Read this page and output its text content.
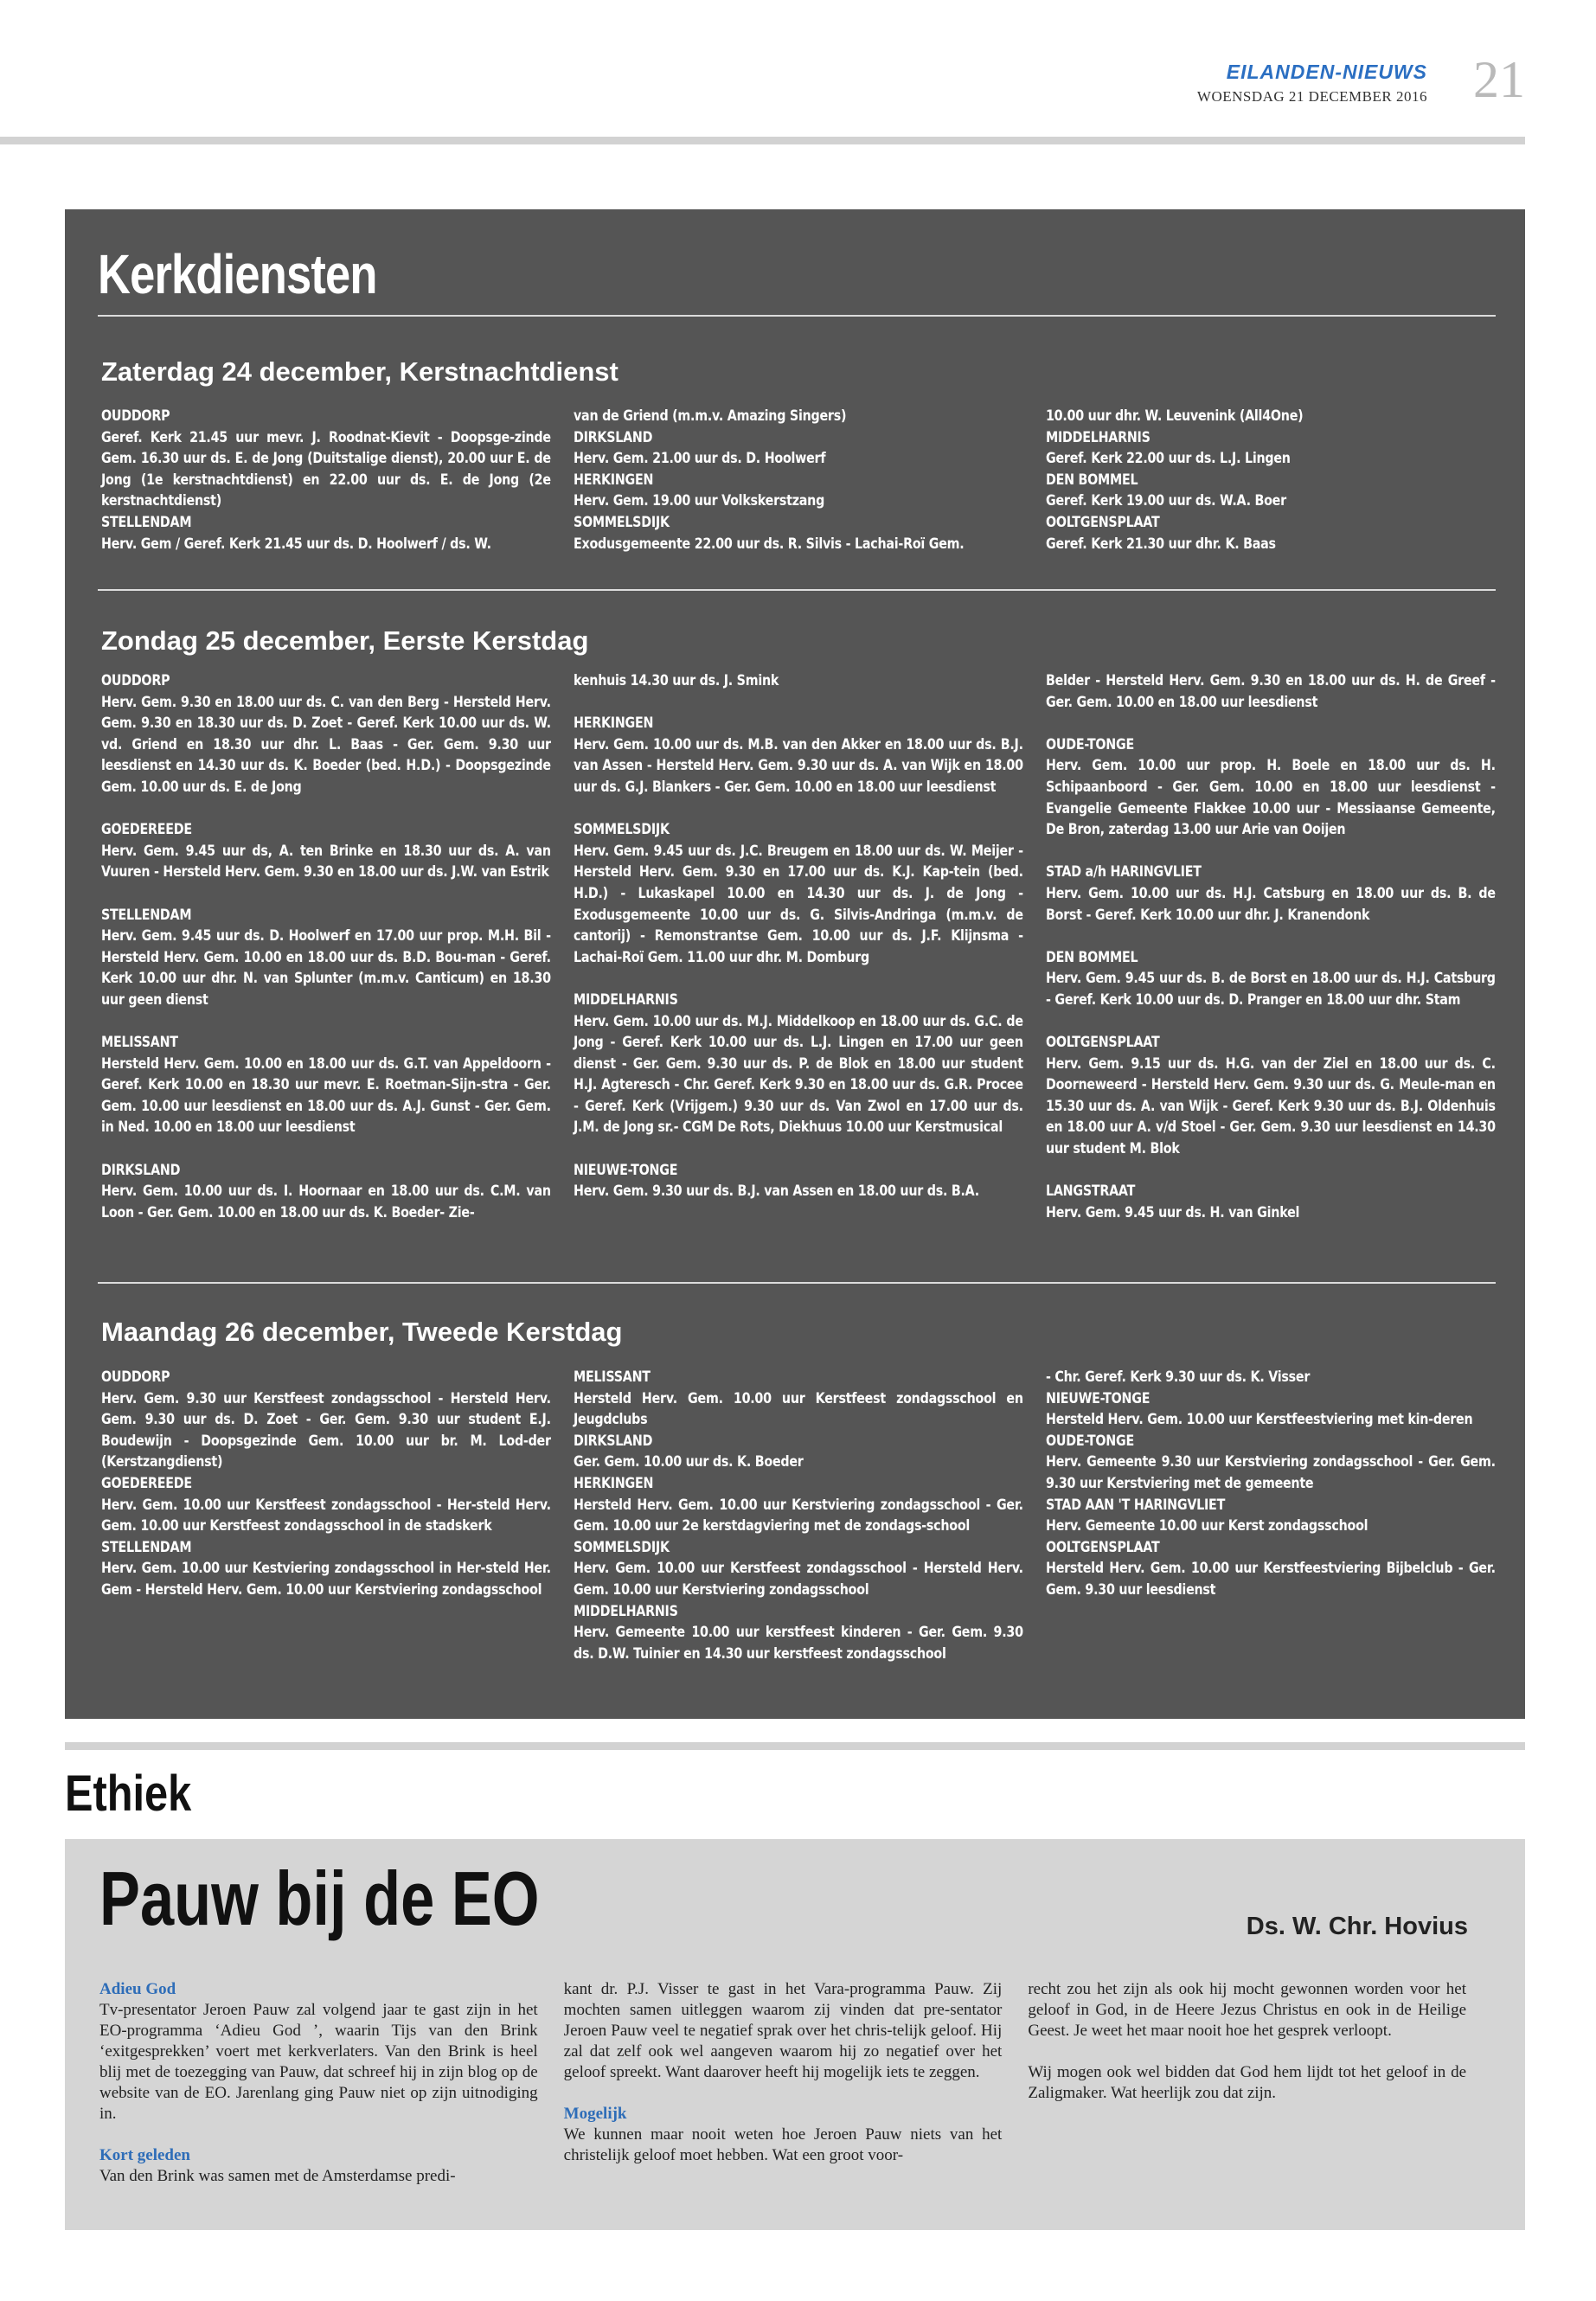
EILANDEN-NIEUWS
WOENSDAG 21 DECEMBER 2016 21
Kerkdiensten
Zaterdag 24 december, Kerstnachtdienst
OUDDORP
Geref. Kerk 21.45 uur mevr. J. Roodnat-Kievit - Doopsge-zinde Gem. 16.30 uur ds. E. de Jong (Duitstalige dienst), 20.00 uur E. de Jong (1e kerstnachtdienst) en 22.00 uur ds. E. de Jong (2e kerstnachtdienst)
STELLENDAM
Herv. Gem / Geref. Kerk 21.45 uur ds. D. Hoolwerf / ds. W.
van de Griend (m.m.v. Amazing Singers)
DIRKSLAND
Herv. Gem. 21.00 uur ds. D. Hoolwerf
HERKINGEN
Herv. Gem. 19.00 uur Volkskerstzang
SOMMELSDIJK
Exodusgemeente 22.00 uur ds. R. Silvis - Lachai-Roï Gem.
10.00 uur dhr. W. Leuvenink (All4One)
MIDDELHARNIS
Geref. Kerk 22.00 uur ds. L.J. Lingen
DEN BOMMEL
Geref. Kerk 19.00 uur ds. W.A. Boer
OOLTGENSPLAAT
Geref. Kerk 21.30 uur dhr. K. Baas
Zondag 25 december, Eerste Kerstdag
OUDDORP
Herv. Gem. 9.30 en 18.00 uur ds. C. van den Berg - Hersteld Herv. Gem. 9.30 en 18.30 uur ds. D. Zoet - Geref. Kerk 10.00 uur ds. W. vd. Griend en 18.30 uur dhr. L. Baas - Ger. Gem. 9.30 uur leesdienst en 14.30 uur ds. K. Boeder (bed. H.D.) - Doopsgezinde Gem. 10.00 uur ds. E. de Jong

GOEDEREEDE
Herv. Gem. 9.45 uur ds, A. ten Brinke en 18.30 uur ds. A. van Vuuren - Hersteld Herv. Gem. 9.30 en 18.00 uur ds. J.W. van Estrik

STELLENDAM
Herv. Gem. 9.45 uur ds. D. Hoolwerf en 17.00 uur prop. M.H. Bil - Hersteld Herv. Gem. 10.00 en 18.00 uur ds. B.D. Bou-man - Geref. Kerk 10.00 uur dhr. N. van Splunter (m.m.v. Canticum) en 18.30 uur geen dienst

MELISSANT
Hersteld Herv. Gem. 10.00 en 18.00 uur ds. G.T. van Appeldoorn - Geref. Kerk 10.00 en 18.30 uur mevr. E. Roetman-Sijn-stra - Ger. Gem. 10.00 uur leesdienst en 18.00 uur ds. A.J. Gunst - Ger. Gem. in Ned. 10.00 en 18.00 uur leesdienst

DIRKSLAND
Herv. Gem. 10.00 uur ds. I. Hoornaar en 18.00 uur ds. C.M. van Loon - Ger. Gem. 10.00 en 18.00 uur ds. K. Boeder- Zie-
kenhuis 14.30 uur ds. J. Smink

HERKINGEN
Herv. Gem. 10.00 uur ds. M.B. van den Akker en 18.00 uur ds. B.J. van Assen - Hersteld Herv. Gem. 9.30 uur ds. A. van Wijk en 18.00 uur ds. G.J. Blankers - Ger. Gem. 10.00 en 18.00 uur leesdienst

SOMMELSDIJK
Herv. Gem. 9.45 uur ds. J.C. Breugem en 18.00 uur ds. W. Meijer - Hersteld Herv. Gem. 9.30 en 17.00 uur ds. K.J. Kap-tein (bed. H.D.) - Lukaskapel 10.00 en 14.30 uur ds. J. de Jong - Exodusgemeente 10.00 uur ds. G. Silvis-Andringa (m.m.v. de cantorij) - Remonstrantse Gem. 10.00 uur ds. J.F. Klijnsma - Lachai-Roï Gem. 11.00 uur dhr. M. Domburg

MIDDELHARNIS
Herv. Gem. 10.00 uur ds. M.J. Middelkoop en 18.00 uur ds. G.C. de Jong - Geref. Kerk 10.00 uur ds. L.J. Lingen en 17.00 uur geen dienst - Ger. Gem. 9.30 uur ds. P. de Blok en 18.00 uur student H.J. Agteresch - Chr. Geref. Kerk 9.30 en 18.00 uur ds. G.R. Procee - Geref. Kerk (Vrijgem.) 9.30 uur ds. Van Zwol en 17.00 uur ds. J.M. de Jong sr.- CGM De Rots, Diekhuus 10.00 uur Kerstmusical

NIEUWE-TONGE
Herv. Gem. 9.30 uur ds. B.J. van Assen en 18.00 uur ds. B.A.
Belder - Hersteld Herv. Gem. 9.30 en 18.00 uur ds. H. de Greef - Ger. Gem. 10.00 en 18.00 uur leesdienst

OUDE-TONGE
Herv. Gem. 10.00 uur prop. H. Boele en 18.00 uur ds. H. Schipaanboord - Ger. Gem. 10.00 en 18.00 uur leesdienst - Evangelie Gemeente Flakkee 10.00 uur - Messiaanse Gemeente, De Bron, zaterdag 13.00 uur Arie van Ooijen

STAD a/h HARINGVLIET
Herv. Gem. 10.00 uur ds. H.J. Catsburg en 18.00 uur ds. B. de Borst - Geref. Kerk 10.00 uur dhr. J. Kranendonk

DEN BOMMEL
Herv. Gem. 9.45 uur ds. B. de Borst en 18.00 uur ds. H.J. Catsburg - Geref. Kerk 10.00 uur ds. D. Pranger en 18.00 uur dhr. Stam

OOLTGENSPLAAT
Herv. Gem. 9.15 uur ds. H.G. van der Ziel en 18.00 uur ds. C. Doorneweerd - Hersteld Herv. Gem. 9.30 uur ds. G. Meule-man en 15.30 uur ds. A. van Wijk - Geref. Kerk 9.30 uur ds. B.J. Oldenhuis en 18.00 uur A. v/d Stoel - Ger. Gem. 9.30 uur leesdienst en 14.30 uur student M. Blok

LANGSTRAAT
Herv. Gem. 9.45 uur ds. H. van Ginkel
Maandag 26 december, Tweede Kerstdag
OUDDORP
Herv. Gem. 9.30 uur Kerstfeest zondagsschool - Hersteld Herv. Gem. 9.30 uur ds. D. Zoet - Ger. Gem. 9.30 uur student E.J. Boudewijn - Doopsgezinde Gem. 10.00 uur br. M. Lod-der (Kerstzangdienst)
GOEDEREEDE
Herv. Gem. 10.00 uur Kerstfeest zondagsschool - Her-steld Herv. Gem. 10.00 uur Kerstfeest zondagsschool in de stadskerk
STELLENDAM
Herv. Gem. 10.00 uur Kestviering zondagsschool in Her-steld Her. Gem - Hersteld Herv. Gem. 10.00 uur Kerstviering zondagsschool
MELISSANT
Hersteld Herv. Gem. 10.00 uur Kerstfeest zondagsschool en Jeugdclubs
DIRKSLAND
Ger. Gem. 10.00 uur ds. K. Boeder
HERKINGEN
Hersteld Herv. Gem. 10.00 uur Kerstviering zondagsschool - Ger. Gem. 10.00 uur 2e kerstdagviering met de zondags-school
SOMMELSDIJK
Herv. Gem. 10.00 uur Kerstfeest zondagsschool - Hersteld Herv. Gem. 10.00 uur Kerstviering zondagsschool
MIDDELHARNIS
Herv. Gemeente 10.00 uur kerstfeest kinderen - Ger. Gem. 9.30 ds. D.W. Tuinier en 14.30 uur kerstfeest zondagsschool
- Chr. Geref. Kerk 9.30 uur ds. K. Visser
NIEUWE-TONGE
Hersteld Herv. Gem. 10.00 uur Kerstfeestviering met kin-deren
OUDE-TONGE
Herv. Gemeente 9.30 uur Kerstviering zondagsschool - Ger. Gem. 9.30 uur Kerstviering met de gemeente
STAD AAN 'T HARINGVLIET
Herv. Gemeente 10.00 uur Kerst zondagsschool
OOLTGENSPLAAT
Hersteld Herv. Gem. 10.00 uur Kerstfeestviering Bijbelclub - Ger. Gem. 9.30 uur leesdienst
Ethiek
Pauw bij de EO	Ds. W. Chr. Hovius
Adieu God
Tv-presentator Jeroen Pauw zal volgend jaar te gast zijn in het EO-programma ‘Adieu God ’, waarin Tijs van den Brink ‘exitgesprekken’ voert met kerkverlaters. Van den Brink is heel blij met de toezegging van Pauw, dat schreef hij in zijn blog op de website van de EO. Jarenlang ging Pauw niet op zijn uitnodiging in.
Kort geleden
Van den Brink was samen met de Amsterdamse predi-
kant dr. P.J. Visser te gast in het Vara-programma Pauw. Zij mochten samen uitleggen waarom zij vinden dat pre-sentator Jeroen Pauw veel te negatief sprak over het chris-telijk geloof. Hij zal dat zelf ook wel aangeven waarom hij zo negatief over het geloof spreekt. Want daarover heeft hij mogelijk iets te zeggen.
Mogelijk
We kunnen maar nooit weten hoe Jeroen Pauw niets van het christelijk geloof moet hebben. Wat een groot voor-
recht zou het zijn als ook hij mocht gewonnen worden voor het geloof in God, in de Heere Jezus Christus en ook in de Heilige Geest. Je weet het maar nooit hoe het gesprek verloopt.
Wij mogen ook wel bidden dat God hem lijdt tot het geloof in de Zaligmaker. Wat heerlijk zou dat zijn.
